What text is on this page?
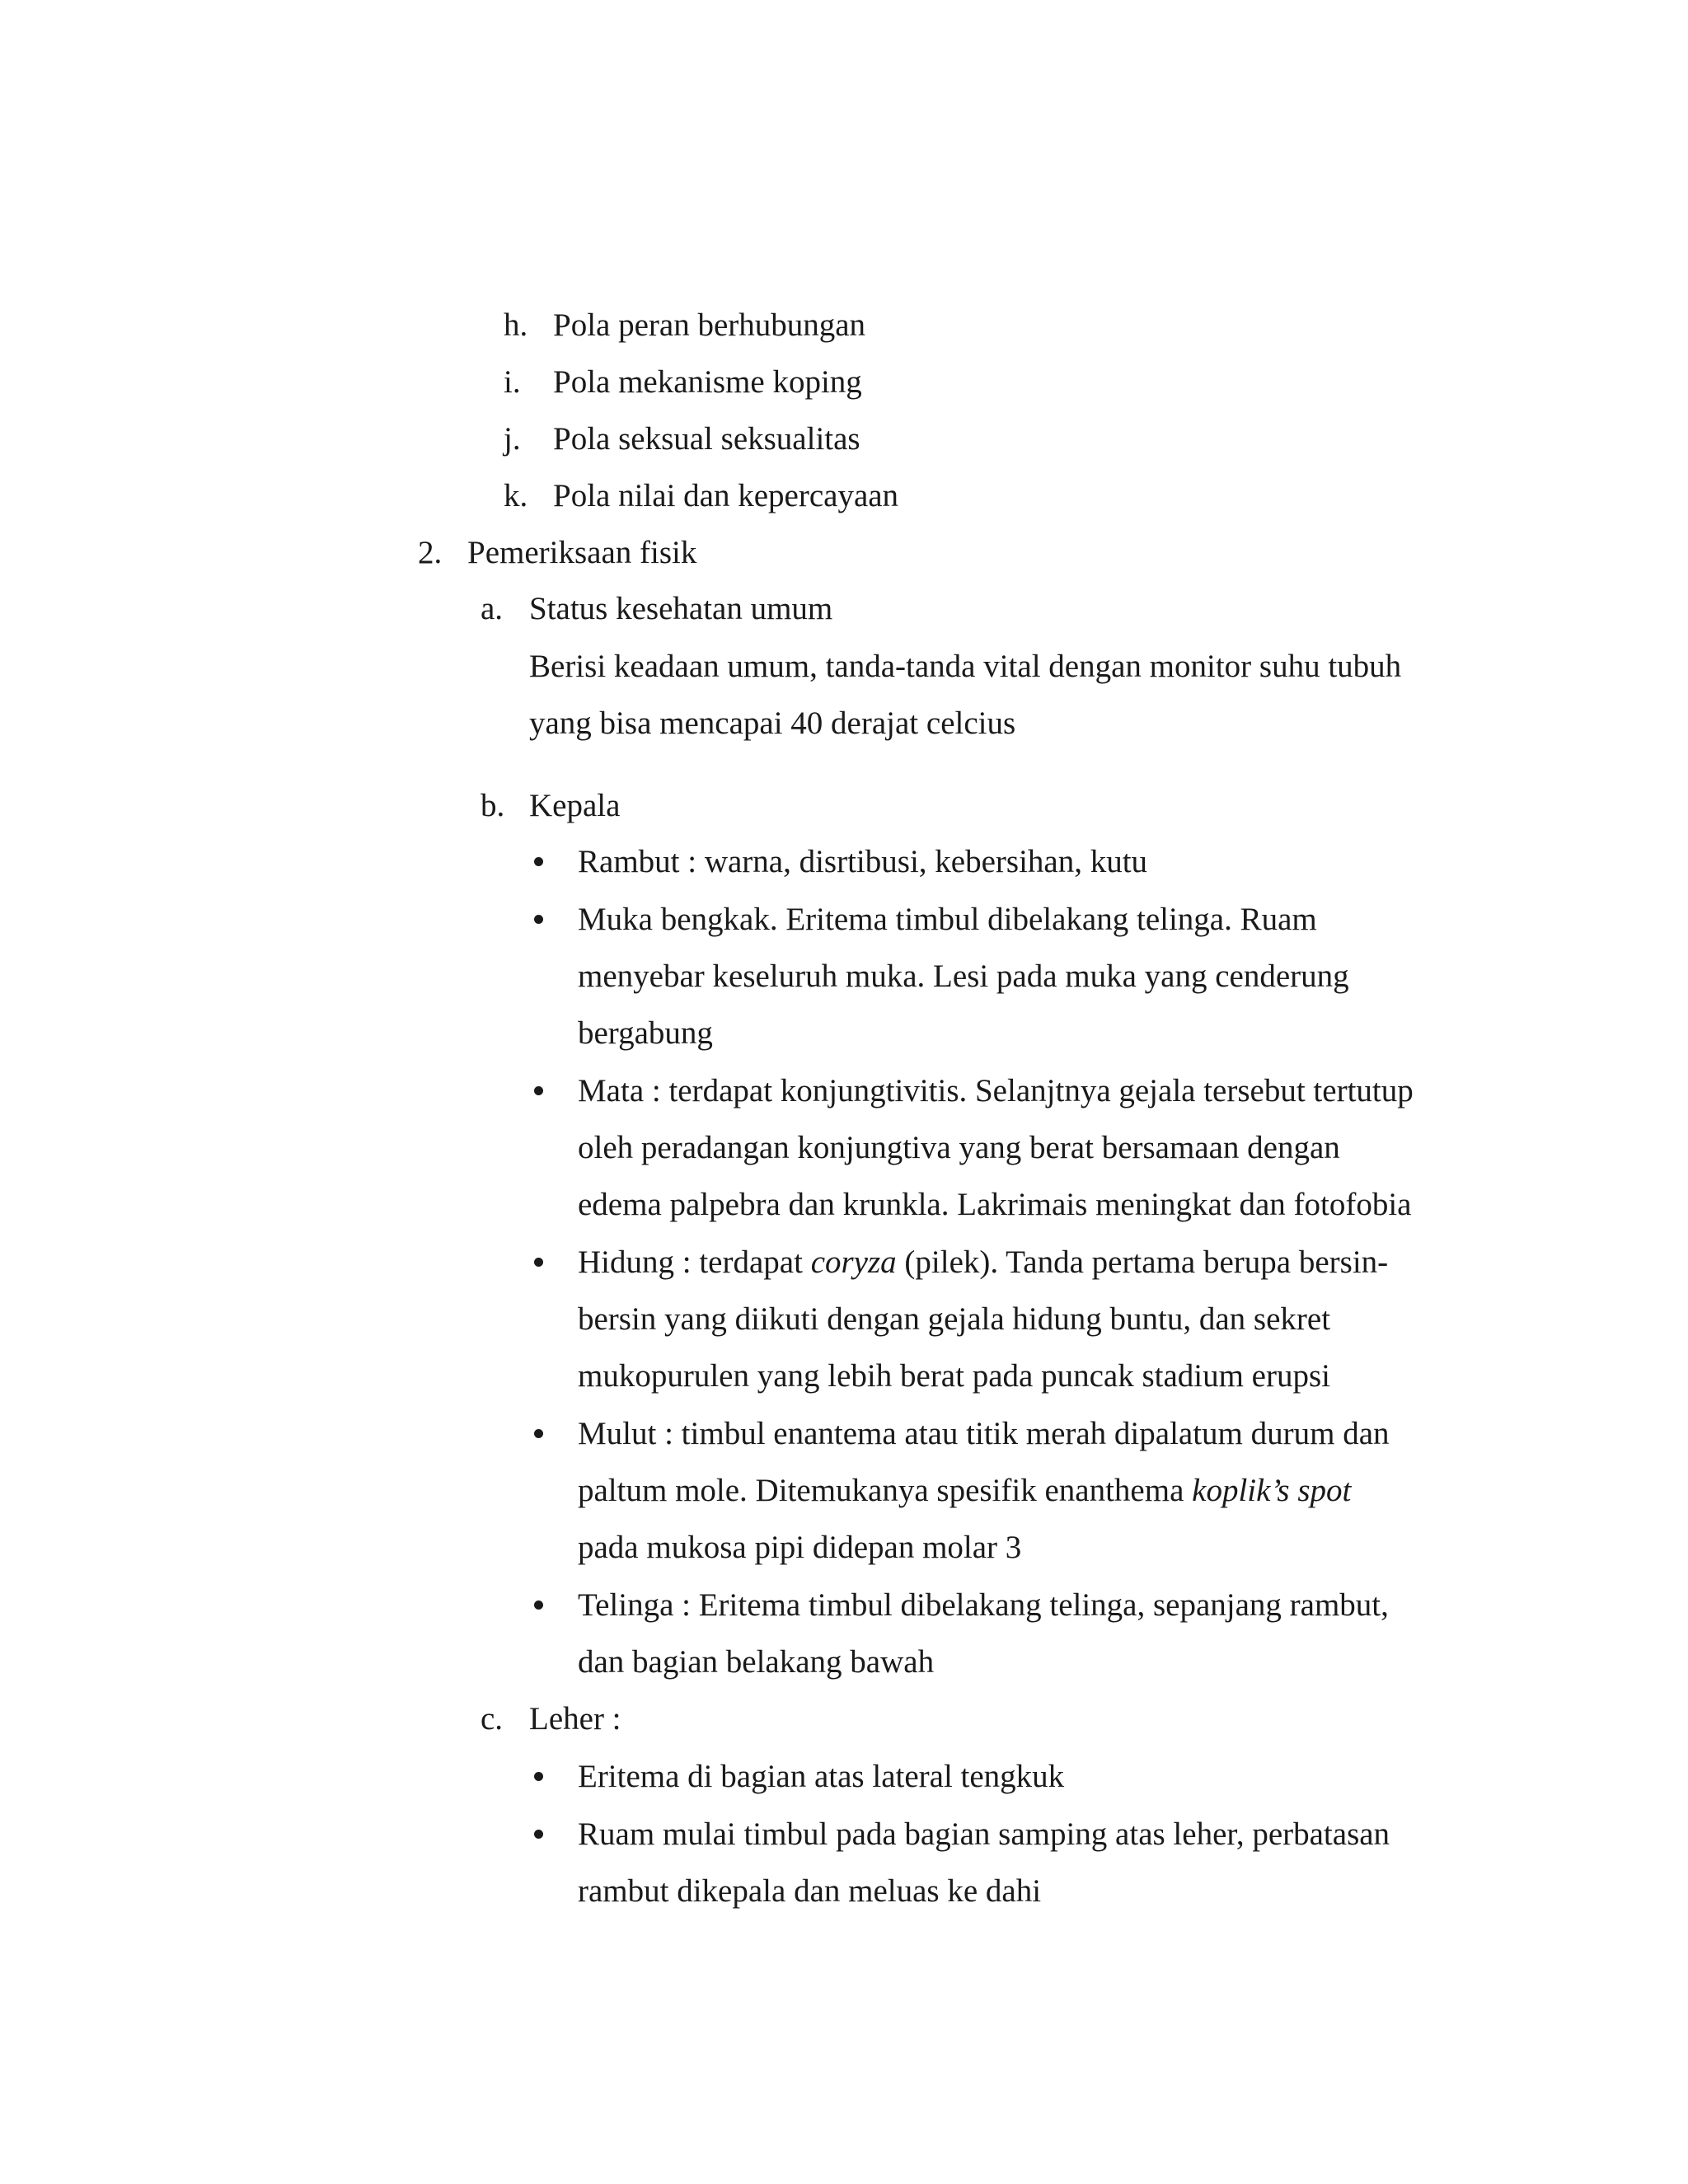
h. Pola peran berhubungan
i. Pola mekanisme koping
j. Pola seksual seksualitas
k. Pola nilai dan kepercayaan
2. Pemeriksaan fisik
a. Status kesehatan umum
Berisi keadaan umum, tanda-tanda vital dengan monitor suhu tubuh
yang bisa mencapai 40 derajat celcius
b. Kepala
Rambut : warna, disrtibusi, kebersihan, kutu
Muka bengkak. Eritema timbul dibelakang telinga. Ruam
menyebar keseluruh muka. Lesi pada muka yang cenderung
bergabung
Mata : terdapat konjungtivitis. Selanjtnya gejala tersebut tertutup
oleh peradangan konjungtiva yang berat bersamaan dengan
edema palpebra dan krunkla. Lakrimais meningkat dan fotofobia
Hidung : terdapat coryza (pilek). Tanda pertama berupa bersin-
bersin yang diikuti dengan gejala hidung buntu, dan sekret
mukopurulen yang lebih berat pada puncak stadium erupsi
Mulut : timbul enantema atau titik merah dipalatum durum dan
paltum mole. Ditemukanya spesifik enanthema koplik’s spot
pada mukosa pipi didepan molar 3
Telinga : Eritema timbul dibelakang telinga, sepanjang rambut,
dan bagian belakang bawah
c. Leher :
Eritema di bagian atas lateral tengkuk
Ruam mulai timbul pada bagian samping atas leher, perbatasan
rambut dikepala dan meluas ke dahi
